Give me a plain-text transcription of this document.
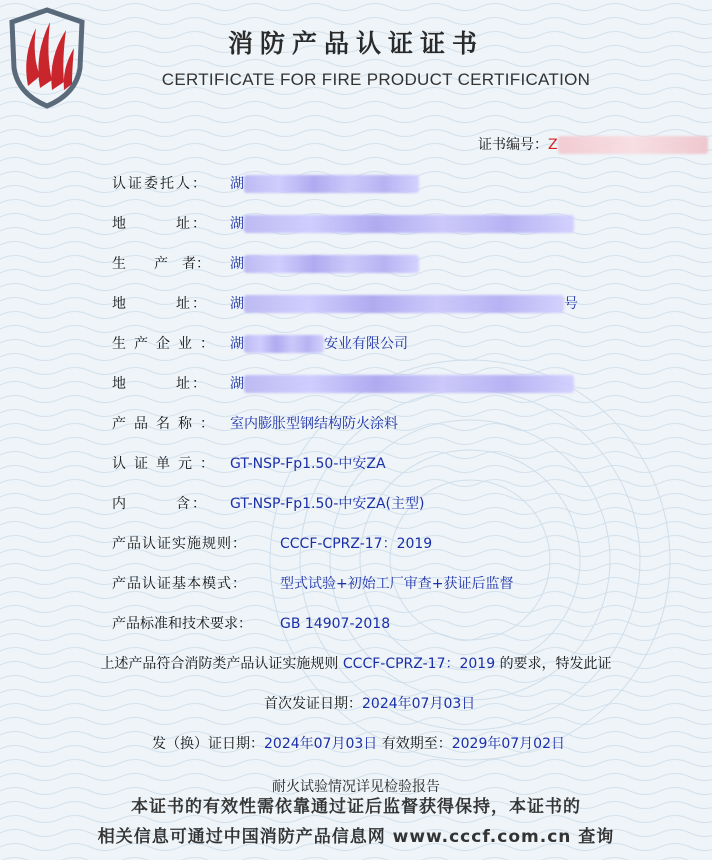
消防产品认证证书
CERTIFICATE FOR FIRE PRODUCT CERTIFICATION
证书编号：Z
认证委托人： 湖
地　　　址： 湖
生　　产　者： 湖
地　　　址： 湖	号
生产企业： 湖	安业有限公司
地　　　址： 湖
产品名称： 室内膨胀型钢结构防火涂料
认证单元： GT-NSP-Fp1.50-中安ZA
内　　　含： GT-NSP-Fp1.50-中安ZA(主型)
产品认证实施规则： CCCF-CPRZ-17：2019
产品认证基本模式： 型式试验+初始工厂审查+获证后监督
产品标准和技术要求： GB 14907-2018
上述产品符合消防类产品认证实施规则 CCCF-CPRZ-17：2019 的要求，特发此证
首次发证日期：2024年07月03日
发（换）证日期：2024年07月03日 有效期至：2029年07月02日
耐火试验情况详见检验报告
本证书的有效性需依靠通过证后监督获得保持，本证书的
相关信息可通过中国消防产品信息网 www.cccf.com.cn 查询
